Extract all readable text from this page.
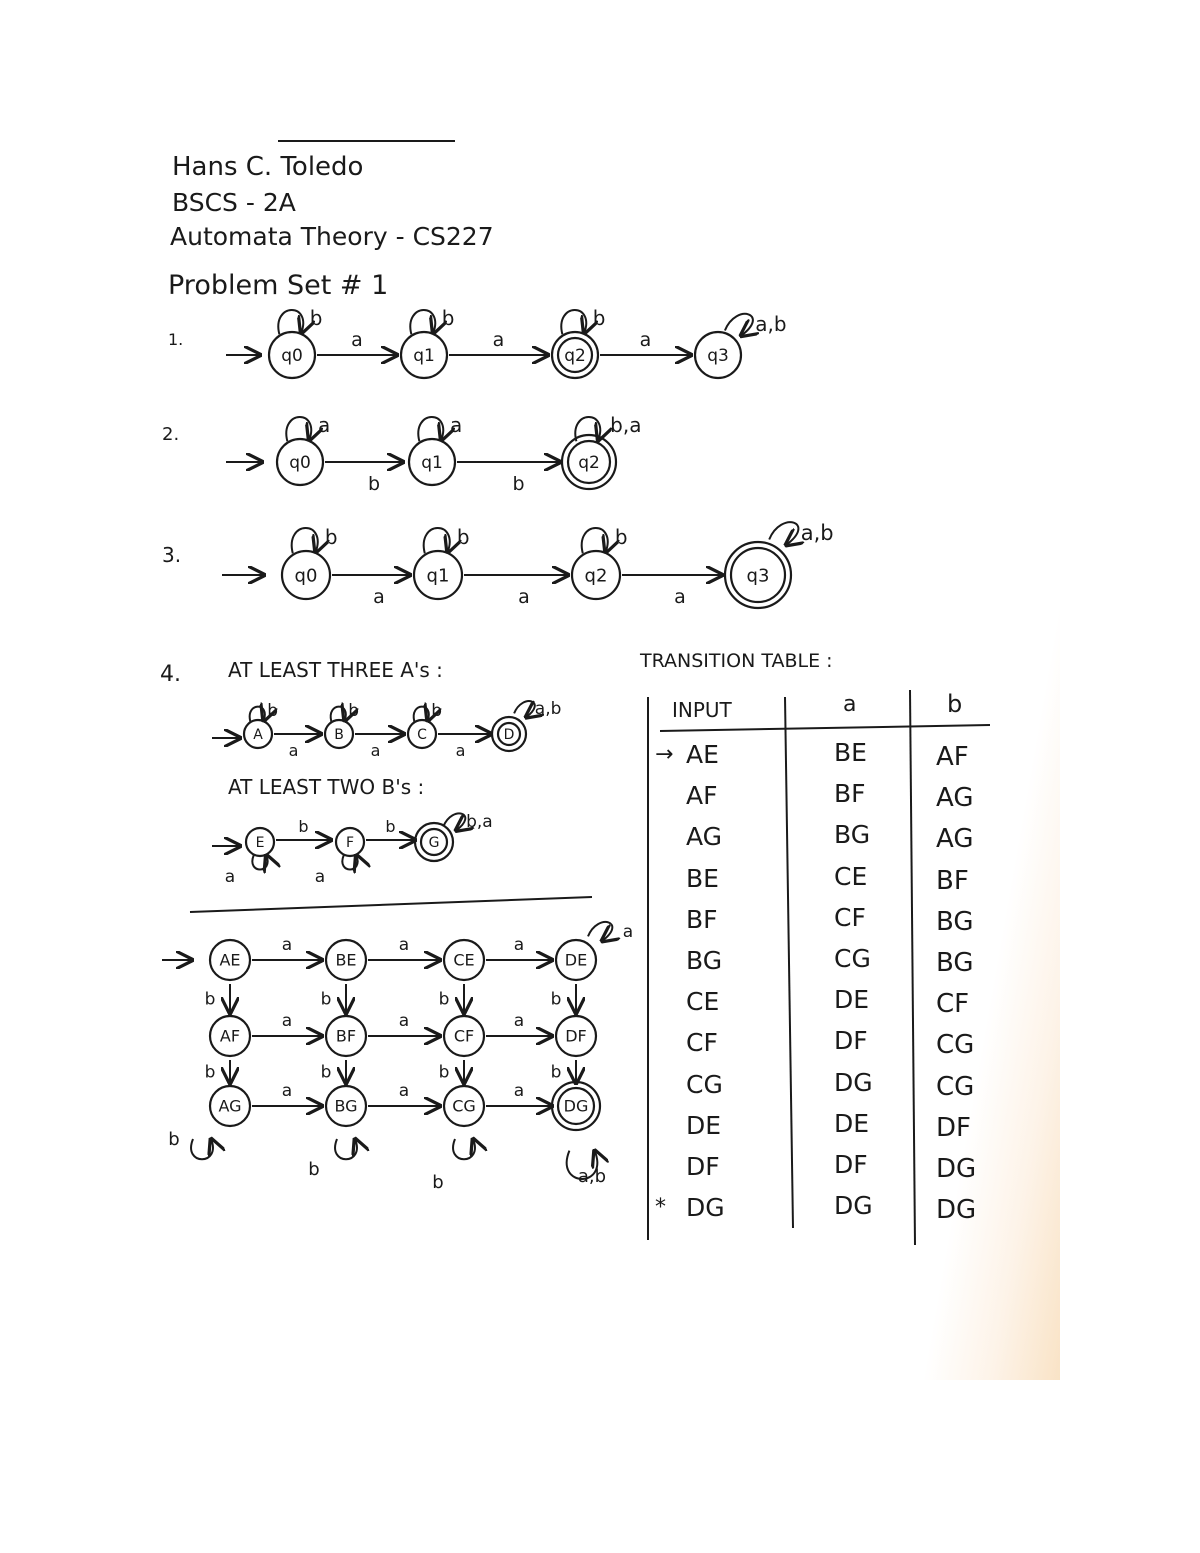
Hans C. Toledo
BSCS - 2A
Automata Theory - CS227
Problem Set # 1
1.
2.
3.
4. AT LEAST THREE A's :
AT LEAST TWO B's :
TRANSITION TABLE :
q0
b
q1
b
q2
b
q3
a,b
a	a	a
q0
a
q1
a
q2
b,a
b	b
q0
b
q1
b
q2
b
q3
a,b
a	a	a
A
b
B
b
C
b
D
a,b
a	a	a
E
a
F
a
G
b,a
b	b
AE
a
b
BE
a
b
CE
a
b
DE
b
AF
a
b
BF
a
b
CF
a
b
DF
b
AG
a
BG
a
CG
a
DG
a
b
b
b	a,b
INPUT	a	b
→ AE	BE	AF
AF	BF	AG
AG	BG	AG
BE	CE	BF
BF	CF	BG
BG	CG	BG
CE	DE	CF
CF	DF	CG
CG	DG CG
DE	DE	DF
DF	DF	DG
* DG	DG DG
